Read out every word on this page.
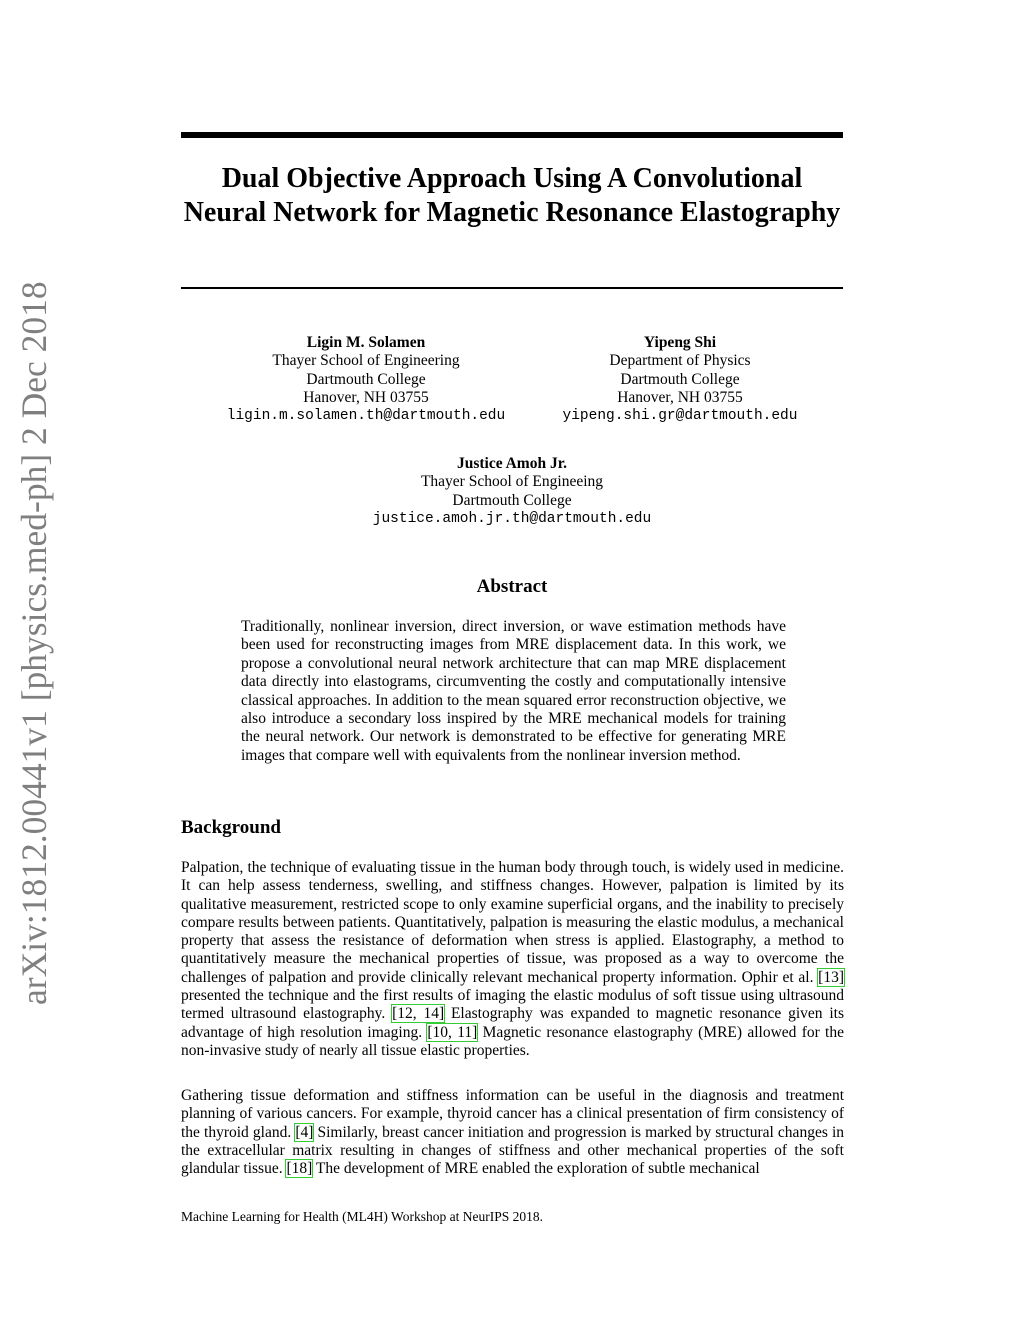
arXiv:1812.00441v1 [physics.med-ph] 2 Dec 2018
Dual Objective Approach Using A Convolutional Neural Network for Magnetic Resonance Elastography
Ligin M. Solamen
Thayer School of Engineering
Dartmouth College
Hanover, NH 03755
ligin.m.solamen.th@dartmouth.edu
Yipeng Shi
Department of Physics
Dartmouth College
Hanover, NH 03755
yipeng.shi.gr@dartmouth.edu
Justice Amoh Jr.
Thayer School of Engineeing
Dartmouth College
justice.amoh.jr.th@dartmouth.edu
Abstract
Traditionally, nonlinear inversion, direct inversion, or wave estimation methods have been used for reconstructing images from MRE displacement data. In this work, we propose a convolutional neural network architecture that can map MRE displacement data directly into elastograms, circumventing the costly and computationally intensive classical approaches. In addition to the mean squared error reconstruction objective, we also introduce a secondary loss inspired by the MRE mechanical models for training the neural network. Our network is demonstrated to be effective for generating MRE images that compare well with equivalents from the nonlinear inversion method.
Background
Palpation, the technique of evaluating tissue in the human body through touch, is widely used in medicine. It can help assess tenderness, swelling, and stiffness changes. However, palpation is limited by its qualitative measurement, restricted scope to only examine superficial organs, and the inability to precisely compare results between patients. Quantitatively, palpation is measuring the elastic modulus, a mechanical property that assess the resistance of deformation when stress is applied. Elastography, a method to quantitatively measure the mechanical properties of tissue, was proposed as a way to overcome the challenges of palpation and provide clinically relevant mechanical property information. Ophir et al. [13] presented the technique and the first results of imaging the elastic modulus of soft tissue using ultrasound termed ultrasound elastography. [12, 14] Elastography was expanded to magnetic resonance given its advantage of high resolution imaging. [10, 11] Magnetic resonance elastography (MRE) allowed for the non-invasive study of nearly all tissue elastic properties.
Gathering tissue deformation and stiffness information can be useful in the diagnosis and treatment planning of various cancers. For example, thyroid cancer has a clinical presentation of firm consistency of the thyroid gland. [4] Similarly, breast cancer initiation and progression is marked by structural changes in the extracellular matrix resulting in changes of stiffness and other mechanical properties of the soft glandular tissue. [18] The development of MRE enabled the exploration of subtle mechanical
Machine Learning for Health (ML4H) Workshop at NeurIPS 2018.
